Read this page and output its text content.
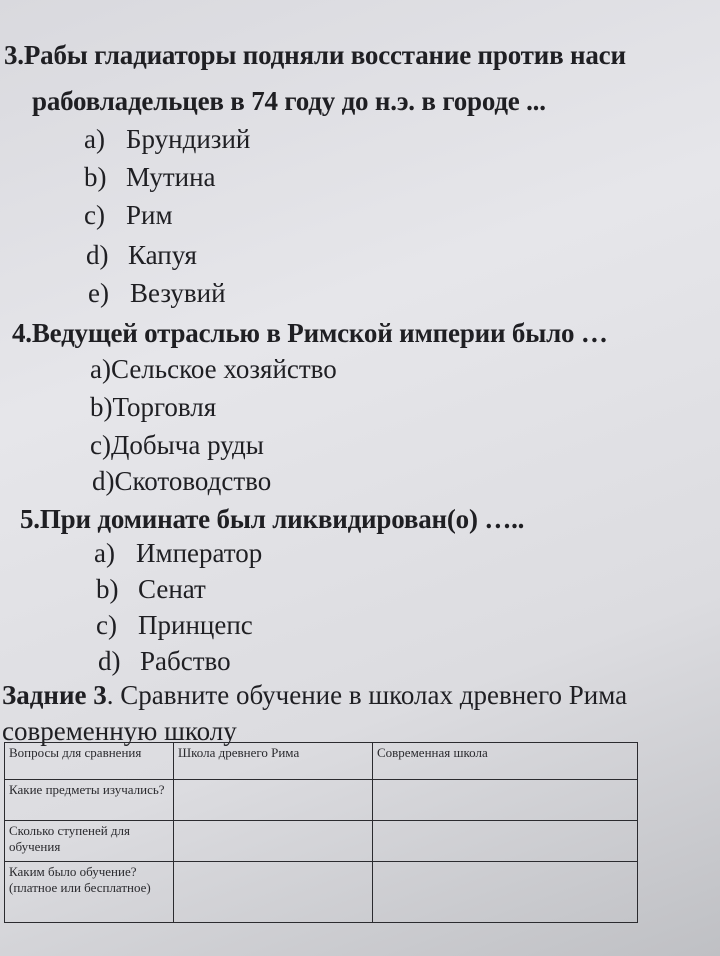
3.Рабы гладиаторы подняли восстание против наси
рабовладельцев в 74 году до н.э. в городе ...
a) Брундизий
b) Мутина
c) Рим
d) Капуя
e) Везувий
4.Ведущей отраслью в Римской империи было …
a)Сельское хозяйство
b)Торговля
c)Добыча руды
d)Скотоводство
5.При доминате был ликвидирован(о) …..
a) Император
b) Сенат
c) Принцепс
d) Рабство
Задние 3. Сравните обучение в школах древнего Рима
современную школу
Вопросы для сравнения	Школа древнего Рима	Современная школа
Какие предметы изучались?		
Сколько ступеней для обучения		
Каким было обучение? (платное или бесплатное)		
